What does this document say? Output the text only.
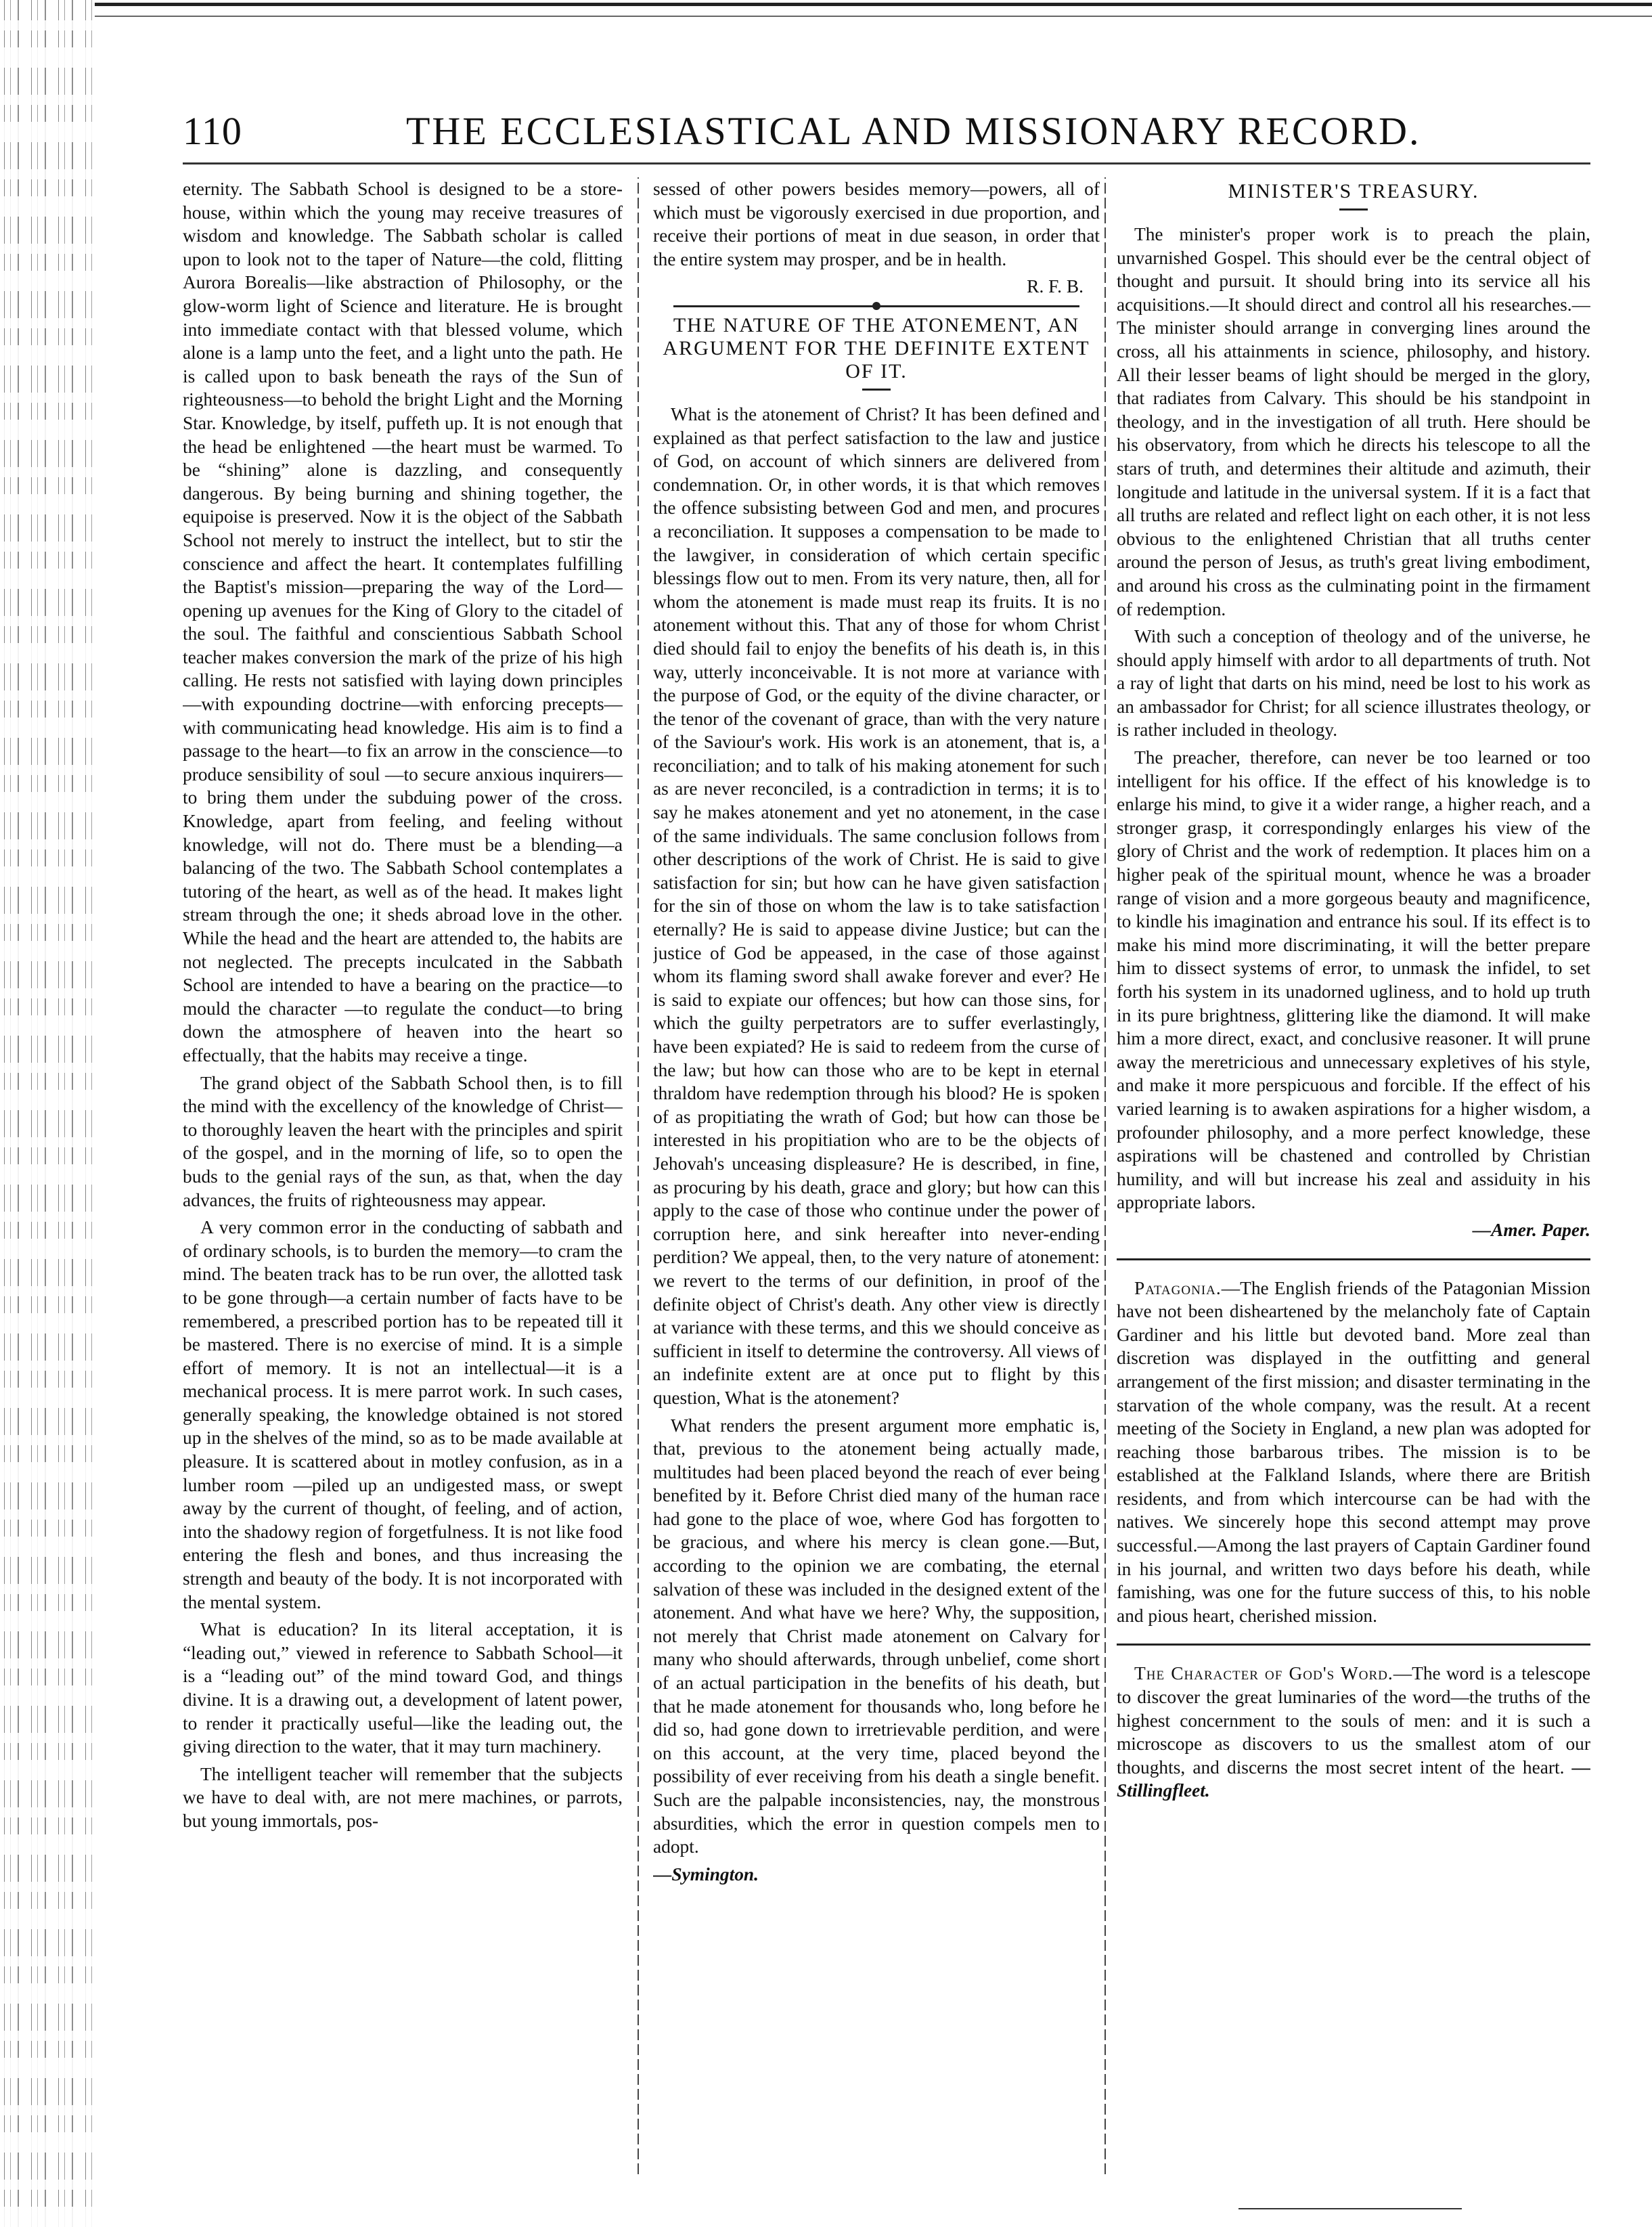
110	THE ECCLESIASTICAL AND MISSIONARY RECORD.

eternity. The Sabbath School is designed to be a store-house, within which the young may receive treasures of wisdom and knowledge. The Sabbath scholar is called upon to look not to the taper of Nature—the cold, flitting Aurora Borealis—like abstraction of Philosophy, or the glow-worm light of Science and literature. He is brought into immediate contact with that blessed volume, which alone is a lamp unto the feet, and a light unto the path. He is called upon to bask beneath the rays of the Sun of righteousness—to behold the bright Light and the Morning Star. Knowledge, by itself, puffeth up. It is not enough that the head be enlightened —the heart must be warmed. To be “shining” alone is dazzling, and consequently dangerous. By being burning and shining together, the equipoise is preserved. Now it is the object of the Sabbath School not merely to instruct the intellect, but to stir the conscience and affect the heart. It contemplates fulfilling the Baptist's mission—preparing the way of the Lord—opening up avenues for the King of Glory to the citadel of the soul. The faithful and conscientious Sabbath School teacher makes conversion the mark of the prize of his high calling. He rests not satisfied with laying down principles—with expounding doctrine—with enforcing precepts—with communicating head knowledge. His aim is to find a passage to the heart—to fix an arrow in the conscience—to produce sensibility of soul —to secure anxious inquirers—to bring them under the subduing power of the cross. Knowledge, apart from feeling, and feeling without knowledge, will not do. There must be a blending—a balancing of the two. The Sabbath School contemplates a tutoring of the heart, as well as of the head. It makes light stream through the one; it sheds abroad love in the other. While the head and the heart are attended to, the habits are not neglected. The precepts inculcated in the Sabbath School are intended to have a bearing on the practice—to mould the character —to regulate the conduct—to bring down the atmosphere of heaven into the heart so effectually, that the habits may receive a tinge.

The grand object of the Sabbath School then, is to fill the mind with the excellency of the knowledge of Christ—to thoroughly leaven the heart with the principles and spirit of the gospel, and in the morning of life, so to open the buds to the genial rays of the sun, as that, when the day advances, the fruits of righteousness may appear.

A very common error in the conducting of sabbath and of ordinary schools, is to burden the memory—to cram the mind. The beaten track has to be run over, the allotted task to be gone through—a certain number of facts have to be remembered, a prescribed portion has to be repeated till it be mastered. There is no exercise of mind. It is a simple effort of memory. It is not an intellectual—it is a mechanical process. It is mere parrot work. In such cases, generally speaking, the knowledge obtained is not stored up in the shelves of the mind, so as to be made available at pleasure. It is scattered about in motley confusion, as in a lumber room —piled up an undigested mass, or swept away by the current of thought, of feeling, and of action, into the shadowy region of forgetfulness. It is not like food entering the flesh and bones, and thus increasing the strength and beauty of the body. It is not incorporated with the mental system.

What is education? In its literal acceptation, it is “leading out,” viewed in reference to Sabbath School—it is a “leading out” of the mind toward God, and things divine. It is a drawing out, a development of latent power, to render it practically useful—like the leading out, the giving direction to the water, that it may turn machinery.

The intelligent teacher will remember that the subjects we have to deal with, are not mere machines, or parrots, but young immortals, pos-

sessed of other powers besides memory—powers, all of which must be vigorously exercised in due proportion, and receive their portions of meat in due season, in order that the entire system may prosper, and be in health.

R. F. B.
THE NATURE OF THE ATONEMENT, AN ARGUMENT FOR THE DEFINITE EXTENT OF IT.

What is the atonement of Christ? It has been defined and explained as that perfect satisfaction to the law and justice of God, on account of which sinners are delivered from condemnation. Or, in other words, it is that which removes the offence subsisting between God and men, and procures a reconciliation. It supposes a compensation to be made to the lawgiver, in consideration of which certain specific blessings flow out to men. From its very nature, then, all for whom the atonement is made must reap its fruits. It is no atonement without this. That any of those for whom Christ died should fail to enjoy the benefits of his death is, in this way, utterly inconceivable. It is not more at variance with the purpose of God, or the equity of the divine character, or the tenor of the covenant of grace, than with the very nature of the Saviour's work. His work is an atonement, that is, a reconciliation; and to talk of his making atonement for such as are never reconciled, is a contradiction in terms; it is to say he makes atonement and yet no atonement, in the case of the same individuals. The same conclusion follows from other descriptions of the work of Christ. He is said to give satisfaction for sin; but how can he have given satisfaction for the sin of those on whom the law is to take satisfaction eternally? He is said to appease divine Justice; but can the justice of God be appeased, in the case of those against whom its flaming sword shall awake forever and ever? He is said to expiate our offences; but how can those sins, for which the guilty perpetrators are to suffer everlastingly, have been expiated? He is said to redeem from the curse of the law; but how can those who are to be kept in eternal thraldom have redemption through his blood? He is spoken of as propitiating the wrath of God; but how can those be interested in his propitiation who are to be the objects of Jehovah's unceasing displeasure? He is described, in fine, as procuring by his death, grace and glory; but how can this apply to the case of those who continue under the power of corruption here, and sink hereafter into never-ending perdition? We appeal, then, to the very nature of atonement: we revert to the terms of our definition, in proof of the definite object of Christ's death. Any other view is directly at variance with these terms, and this we should conceive as sufficient in itself to determine the controversy. All views of an indefinite extent are at once put to flight by this question, What is the atonement?

What renders the present argument more emphatic is, that, previous to the atonement being actually made, multitudes had been placed beyond the reach of ever being benefited by it. Before Christ died many of the human race had gone to the place of woe, where God has forgotten to be gracious, and where his mercy is clean gone.—But, according to the opinion we are combating, the eternal salvation of these was included in the designed extent of the atonement. And what have we here? Why, the supposition, not merely that Christ made atonement on Calvary for many who should afterwards, through unbelief, come short of an actual participation in the benefits of his death, but that he made atonement for thousands who, long before he did so, had gone down to irretrievable perdition, and were on this account, at the very time, placed beyond the possibility of ever receiving from his death a single benefit. Such are the palpable inconsistencies, nay, the monstrous absurdities, which the error in question compels men to adopt.

—Symington.

MINISTER'S TREASURY.

The minister's proper work is to preach the plain, unvarnished Gospel. This should ever be the central object of thought and pursuit. It should bring into its service all his acquisitions.—It should direct and control all his researches.—The minister should arrange in converging lines around the cross, all his attainments in science, philosophy, and history. All their lesser beams of light should be merged in the glory, that radiates from Calvary. This should be his standpoint in theology, and in the investigation of all truth. Here should be his observatory, from which he directs his telescope to all the stars of truth, and determines their altitude and azimuth, their longitude and latitude in the universal system. If it is a fact that all truths are related and reflect light on each other, it is not less obvious to the enlightened Christian that all truths center around the person of Jesus, as truth's great living embodiment, and around his cross as the culminating point in the firmament of redemption.

With such a conception of theology and of the universe, he should apply himself with ardor to all departments of truth. Not a ray of light that darts on his mind, need be lost to his work as an ambassador for Christ; for all science illustrates theology, or is rather included in theology.

The preacher, therefore, can never be too learned or too intelligent for his office. If the effect of his knowledge is to enlarge his mind, to give it a wider range, a higher reach, and a stronger grasp, it correspondingly enlarges his view of the glory of Christ and the work of redemption. It places him on a higher peak of the spiritual mount, whence he was a broader range of vision and a more gorgeous beauty and magnificence, to kindle his imagination and entrance his soul. If its effect is to make his mind more discriminating, it will the better prepare him to dissect systems of error, to unmask the infidel, to set forth his system in its unadorned ugliness, and to hold up truth in its pure brightness, glittering like the diamond. It will make him a more direct, exact, and conclusive reasoner. It will prune away the meretricious and unnecessary expletives of his style, and make it more perspicuous and forcible. If the effect of his varied learning is to awaken aspirations for a higher wisdom, a profounder philosophy, and a more perfect knowledge, these aspirations will be chastened and controlled by Christian humility, and will but increase his zeal and assiduity in his appropriate labors.

—Amer. Paper.

Patagonia.—The English friends of the Patagonian Mission have not been disheartened by the melancholy fate of Captain Gardiner and his little but devoted band. More zeal than discretion was displayed in the outfitting and general arrangement of the first mission; and disaster terminating in the starvation of the whole company, was the result. At a recent meeting of the Society in England, a new plan was adopted for reaching those barbarous tribes. The mission is to be established at the Falkland Islands, where there are British residents, and from which intercourse can be had with the natives. We sincerely hope this second attempt may prove successful.—Among the last prayers of Captain Gardiner found in his journal, and written two days before his death, while famishing, was one for the future success of this, to his noble and pious heart, cherished mission.

The Character of God's Word.—The word is a telescope to discover the great luminaries of the word—the truths of the highest concernment to the souls of men: and it is such a microscope as discovers to us the smallest atom of our thoughts, and discerns the most secret intent of the heart. —Stillingfleet.
